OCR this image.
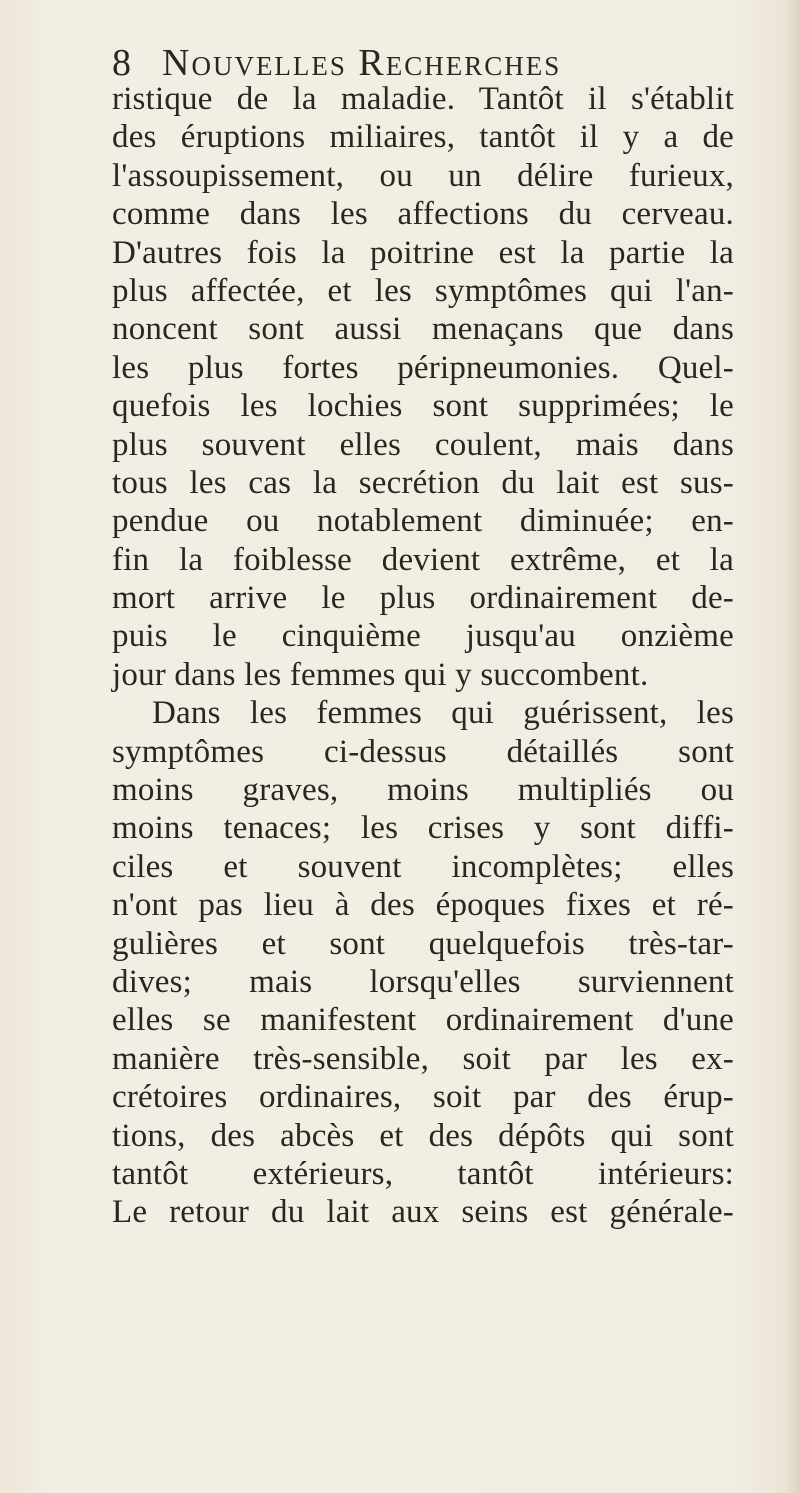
8 Nouvelles Recherches
ristique de la maladie. Tantôt il s'établit
des éruptions miliaires, tantôt il y a de
l'assoupissement, ou un délire furieux,
comme dans les affections du cerveau.
D'autres fois la poitrine est la partie la
plus affectée, et les symptômes qui l'an-
noncent sont aussi menaçans que dans
les plus fortes péripneumonies. Quel-
quefois les lochies sont supprimées; le
plus souvent elles coulent, mais dans
tous les cas la secrétion du lait est sus-
pendue ou notablement diminuée; en-
fin la foiblesse devient extrême, et la
mort arrive le plus ordinairement de-
puis le cinquième jusqu'au onzième
jour dans les femmes qui y succombent.
Dans les femmes qui guérissent, les
symptômes ci-dessus détaillés sont
moins graves, moins multipliés ou
moins tenaces; les crises y sont diffi-
ciles et souvent incomplètes; elles
n'ont pas lieu à des époques fixes et ré-
gulières et sont quelquefois très-tar-
dives; mais lorsqu'elles surviennent
elles se manifestent ordinairement d'une
manière très-sensible, soit par les ex-
crétoires ordinaires, soit par des érup-
tions, des abcès et des dépôts qui sont
tantôt extérieurs, tantôt intérieurs:
Le retour du lait aux seins est générale-
